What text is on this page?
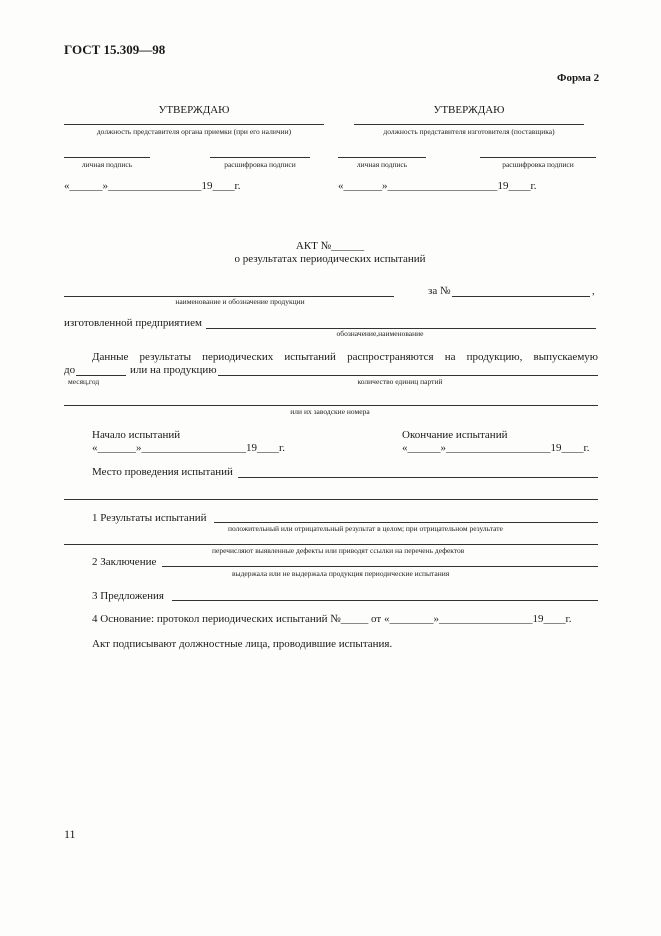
ГОСТ 15.309—98
Форма 2
УТВЕРЖДАЮ
должность представителя органа приемки (при его наличии)
личная подпись	расшифровка подписи
«______»_________________19____г.
УТВЕРЖДАЮ
должность представителя изготовителя (поставщика)
личная подпись	расшифровка подписи
«_______»____________________19____г.
АКТ №______
о результатах периодических испытаний
наименование и обозначение продукции
за №	,
изготовленной предприятием
обозначение,наименование
Данные результаты периодических испытаний распространяются на продукцию, выпускаемую
до	или на продукцию
месяц,год	количество единиц партий
или их заводские номера
Начало испытаний
«_______»___________________19____г.
Окончание испытаний
«______»___________________19____г.
Место проведения испытаний
1 Результаты испытаний
положительный или отрицательный результат в целом; при отрицательном результате
перечисляют выявленные дефекты или приводят ссылки на перечень дефектов
2 Заключение
выдержала или не выдержала продукция периодические испытания
3 Предложения
4 Основание: протокол периодических испытаний №_____ от «________»_________________19____г.
Акт подписывают должностные лица, проводившие испытания.
11
